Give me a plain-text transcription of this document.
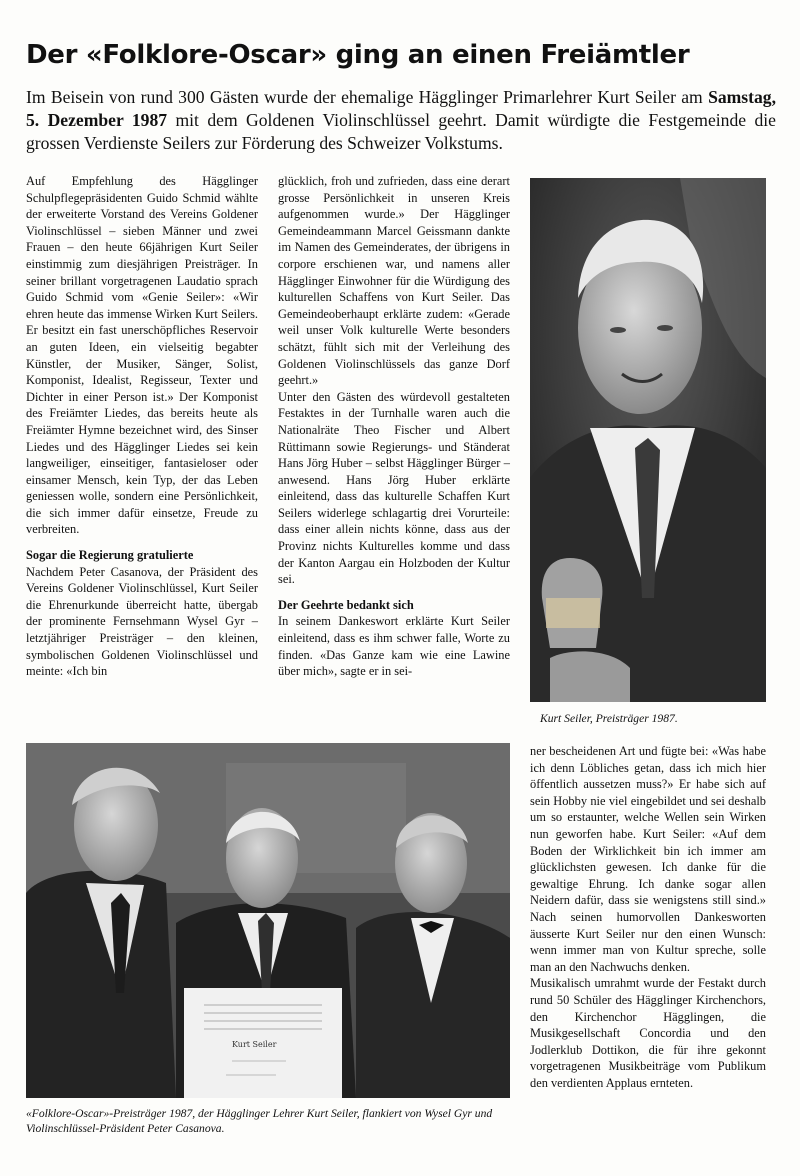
Der «Folklore-Oscar» ging an einen Freiämtler

Im Beisein von rund 300 Gästen wurde der ehemalige Hägglinger Primarlehrer Kurt Seiler am Samstag, 5. Dezember 1987 mit dem Goldenen Violinschlüssel geehrt. Damit würdigte die Festgemeinde die grossen Verdienste Seilers zur Förderung des Schweizer Volkstums.

Auf Empfehlung des Hägglinger Schulpflegepräsidenten Guido Schmid wählte der erweiterte Vorstand des Vereins Goldener Violinschlüssel – sieben Männer und zwei Frauen – den heute 66jährigen Kurt Seiler einstimmig zum diesjährigen Preisträger. In seiner brillant vorgetragenen Laudatio sprach Guido Schmid vom «Genie Seiler»: «Wir ehren heute das immense Wirken Kurt Seilers. Er besitzt ein fast unerschöpfliches Reservoir an guten Ideen, ein vielseitig begabter Künstler, der Musiker, Sänger, Solist, Komponist, Idealist, Regisseur, Texter und Dichter in einer Person ist.» Der Komponist des Freiämter Liedes, das bereits heute als Freiämter Hymne bezeichnet wird, des Sinser Liedes und des Hägglinger Liedes sei kein langweiliger, einseitiger, fantasieloser oder einsamer Mensch, kein Typ, der das Leben geniessen wolle, sondern eine Persönlichkeit, die sich immer dafür einsetze, Freude zu verbreiten.

Sogar die Regierung gratulierte

Nachdem Peter Casanova, der Präsident des Vereins Goldener Violinschlüssel, Kurt Seiler die Ehrenurkunde überreicht hatte, übergab der prominente Fernsehmann Wysel Gyr – letztjähriger Preisträger – den kleinen, symbolischen Goldenen Violinschlüssel und meinte: «Ich bin

glücklich, froh und zufrieden, dass eine derart grosse Persönlichkeit in unseren Kreis aufgenommen wurde.» Der Hägglinger Gemeindeammann Marcel Geissmann dankte im Namen des Gemeinderates, der übrigens in corpore erschienen war, und namens aller Hägglinger Einwohner für die Würdigung des kulturellen Schaffens von Kurt Seiler. Das Gemeindeoberhaupt erklärte zudem: «Gerade weil unser Volk kulturelle Werte besonders schätzt, fühlt sich mit der Verleihung des Goldenen Violinschlüssels das ganze Dorf geehrt.»

Unter den Gästen des würdevoll gestalteten Festaktes in der Turnhalle waren auch die Nationalräte Theo Fischer und Albert Rüttimann sowie Regierungs- und Ständerat Hans Jörg Huber – selbst Hägglinger Bürger – anwesend. Hans Jörg Huber erklärte einleitend, dass das kulturelle Schaffen Kurt Seilers widerlege schlagartig drei Vorurteile: dass einer allein nichts könne, dass aus der Provinz nichts Kulturelles komme und dass der Kanton Aargau ein Holzboden der Kultur sei.

Der Geehrte bedankt sich

In seinem Dankeswort erklärte Kurt Seiler einleitend, dass es ihm schwer falle, Worte zu finden. «Das Ganze kam wie eine Lawine über mich», sagte er in sei-

ner bescheidenen Art und fügte bei: «Was habe ich denn Löbliches getan, dass ich mich hier öffentlich aussetzen muss?» Er habe sich auf sein Hobby nie viel eingebildet und sei deshalb um so erstaunter, welche Wellen sein Wirken nun geworfen habe. Kurt Seiler: «Auf dem Boden der Wirklichkeit bin ich immer am glücklichsten gewesen. Ich danke für die gewaltige Ehrung. Ich danke sogar allen Neidern dafür, dass sie wenigstens still sind.» Nach seinen humorvollen Dankesworten äusserte Kurt Seiler nur den einen Wunsch: wenn immer man von Kultur spreche, solle man an den Nachwuchs denken.

Musikalisch umrahmt wurde der Festakt durch rund 50 Schüler des Hägglinger Kirchenchors, den Kirchenchor Hägglingen, die Musikgesellschaft Concordia und den Jodlerklub Dottikon, die für ihre gekonnt vorgetragenen Musikbeiträge vom Publikum den verdienten Applaus ernteten.

Kurt Seiler, Preisträger 1987.

Kurt Seiler

«Folklore-Oscar»-Preisträger 1987, der Hägglinger Lehrer Kurt Seiler, flankiert von Wysel Gyr und Violinschlüssel-Präsident Peter Casanova.
